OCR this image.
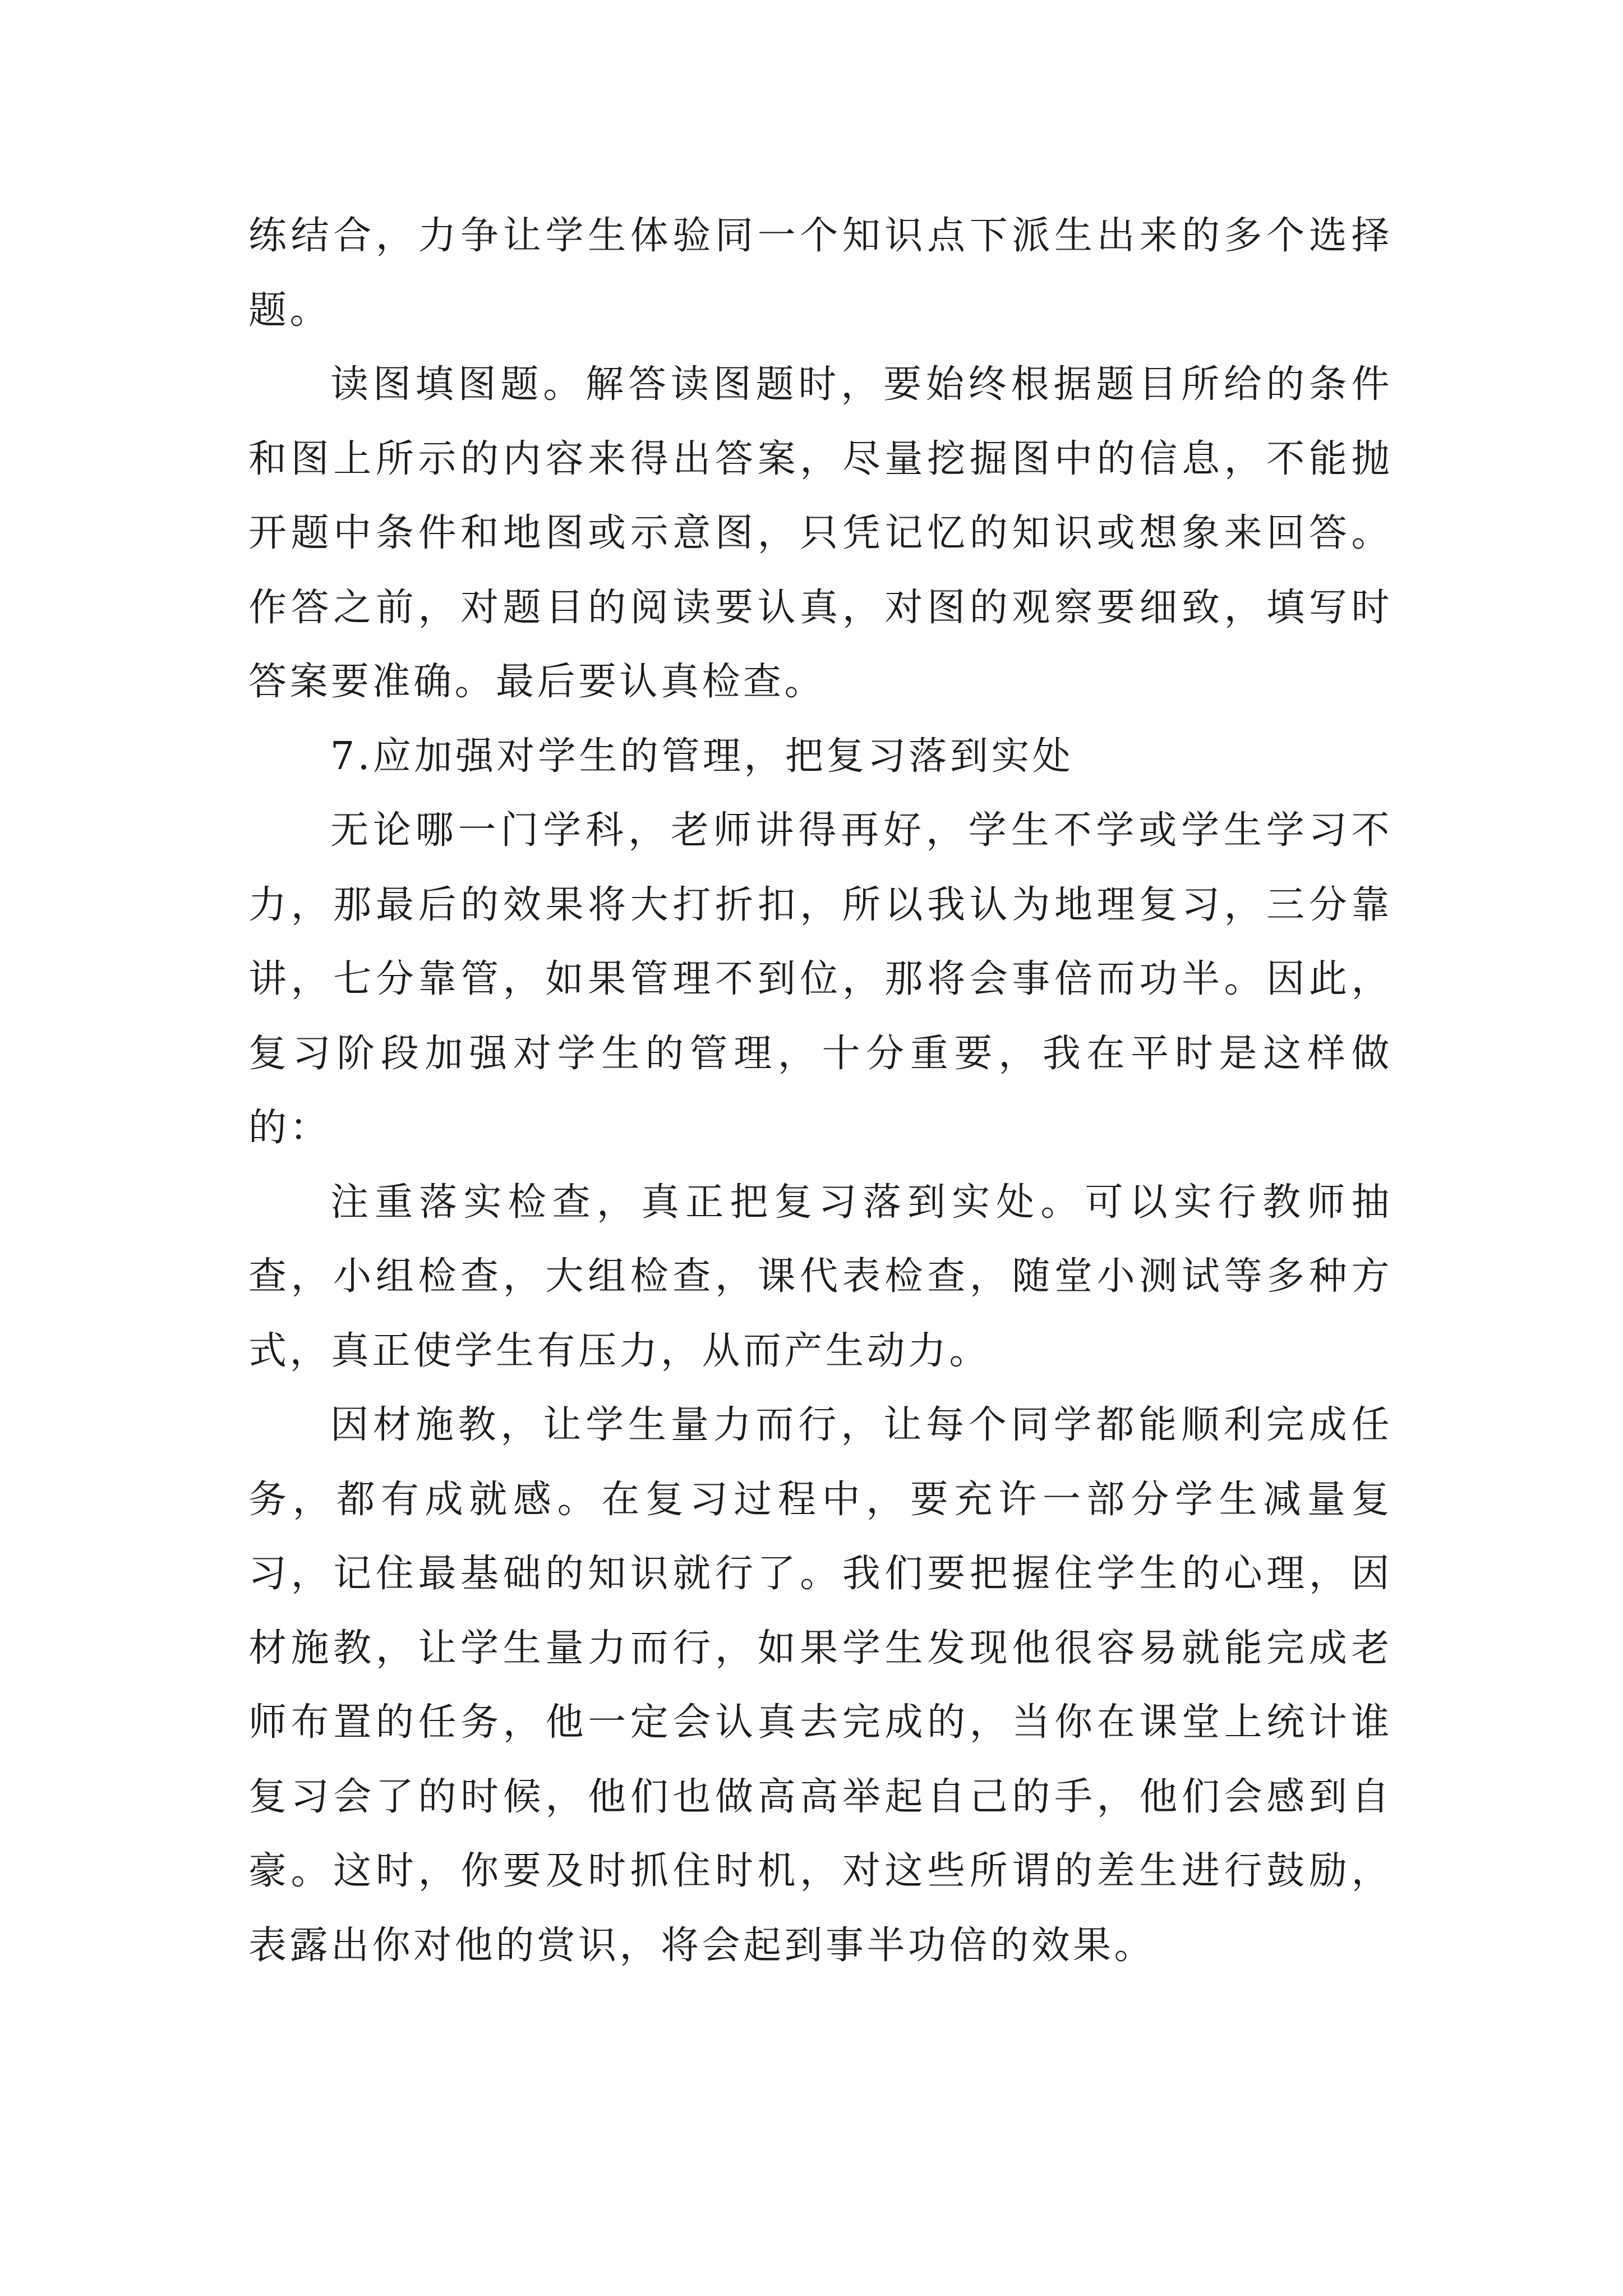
练结合，力争让学生体验同一个知识点下派生出来的多个选择题。

读图填图题。解答读图题时，要始终根据题目所给的条件和图上所示的内容来得出答案，尽量挖掘图中的信息，不能抛开题中条件和地图或示意图，只凭记忆的知识或想象来回答。作答之前，对题目的阅读要认真，对图的观察要细致，填写时答案要准确。最后要认真检查。

7.应加强对学生的管理，把复习落到实处

无论哪一门学科，老师讲得再好，学生不学或学生学习不力，那最后的效果将大打折扣，所以我认为地理复习，三分靠讲，七分靠管，如果管理不到位，那将会事倍而功半。因此，复习阶段加强对学生的管理，十分重要，我在平时是这样做的：

注重落实检查，真正把复习落到实处。可以实行教师抽查，小组检查，大组检查，课代表检查，随堂小测试等多种方式，真正使学生有压力，从而产生动力。

因材施教，让学生量力而行，让每个同学都能顺利完成任务，都有成就感。在复习过程中，要充许一部分学生减量复习，记住最基础的知识就行了。我们要把握住学生的心理，因材施教，让学生量力而行，如果学生发现他很容易就能完成老师布置的任务，他一定会认真去完成的，当你在课堂上统计谁复习会了的时候，他们也做高高举起自己的手，他们会感到自豪。这时，你要及时抓住时机，对这些所谓的差生进行鼓励，表露出你对他的赏识，将会起到事半功倍的效果。
